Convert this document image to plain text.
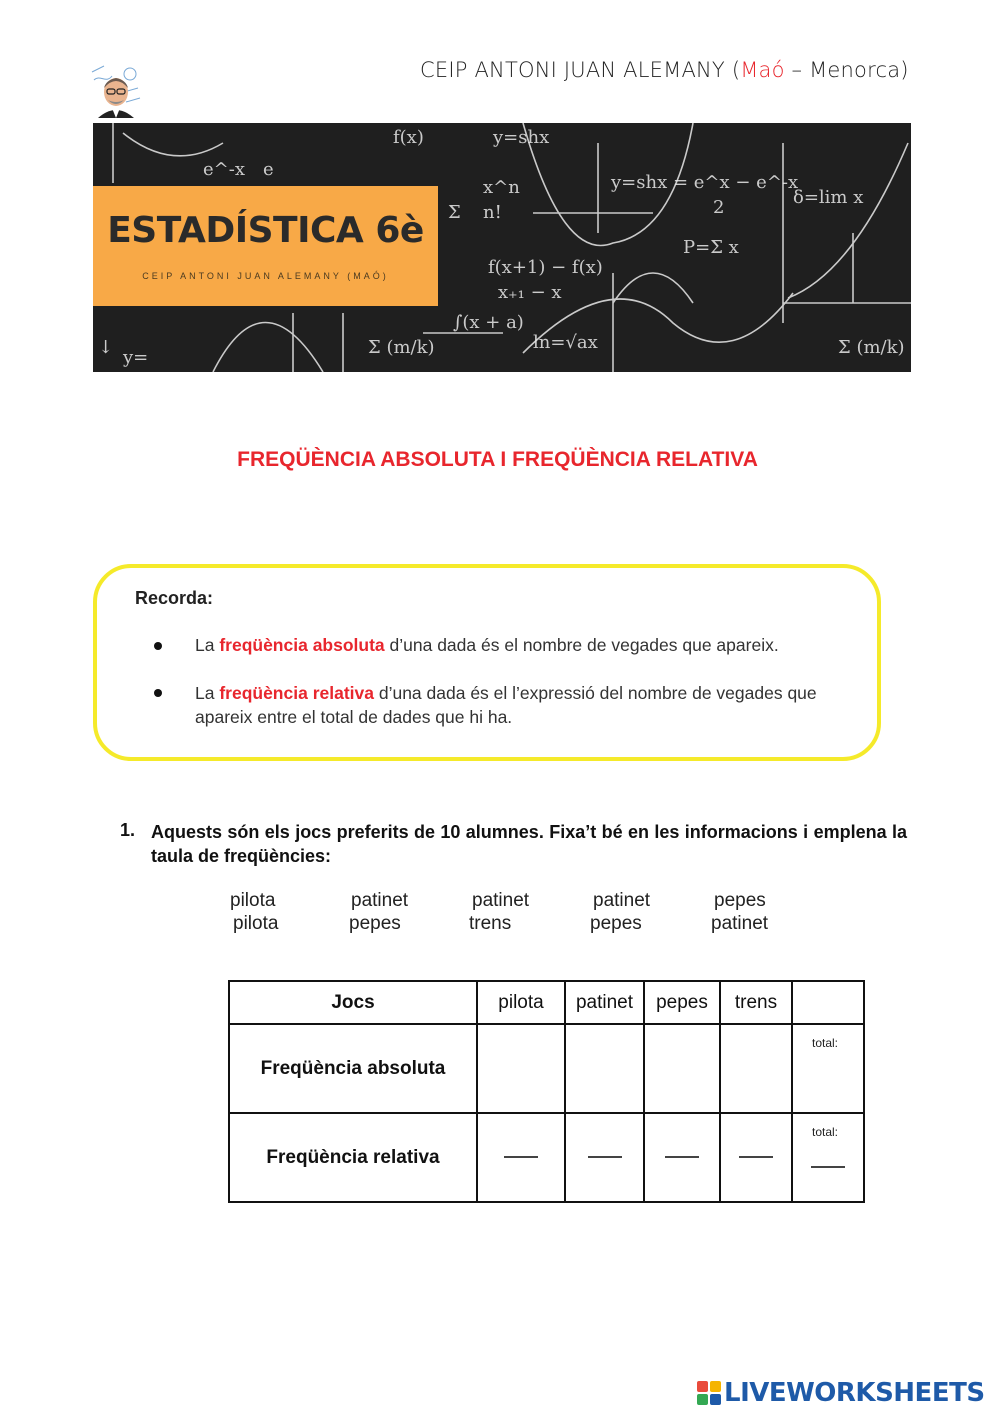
CEIP ANTONI JUAN ALEMANY (Maó – Menorca)
e^-x e
f(x)	y=shx
Σ
x^n
n!
y=shx = e^x − e^-x
2	δ=lim x
P=Σ x
f(x+1) − f(x)
x₊₁ − x
∫(x + a)
ln=√ax
Σ (m/k)	Σ (m/k)
y=
↓
ESTADÍSTICA 6è
CEIP ANTONI JUAN ALEMANY (MAÓ)
FREQÜÈNCIA ABSOLUTA I FREQÜÈNCIA RELATIVA
Recorda:
La freqüència absoluta d’una dada és el nombre de vegades que apareix.
La freqüència relativa d’una dada és el l’expressió del nombre de vegades que apareix entre el total de dades que hi ha.
1. Aquests són els jocs preferits de 10 alumnes. Fixa’t bé en les informacions i emplena la taula de freqüències:
pilota	patinet	patinet	patinet	pepes
pilota	pepes	trens	pepes	patinet
Jocs	pilota	patinet	pepes	trens	
Freqüència absoluta					total:

Freqüència relativa					total:
LIVEWORKSHEETS
